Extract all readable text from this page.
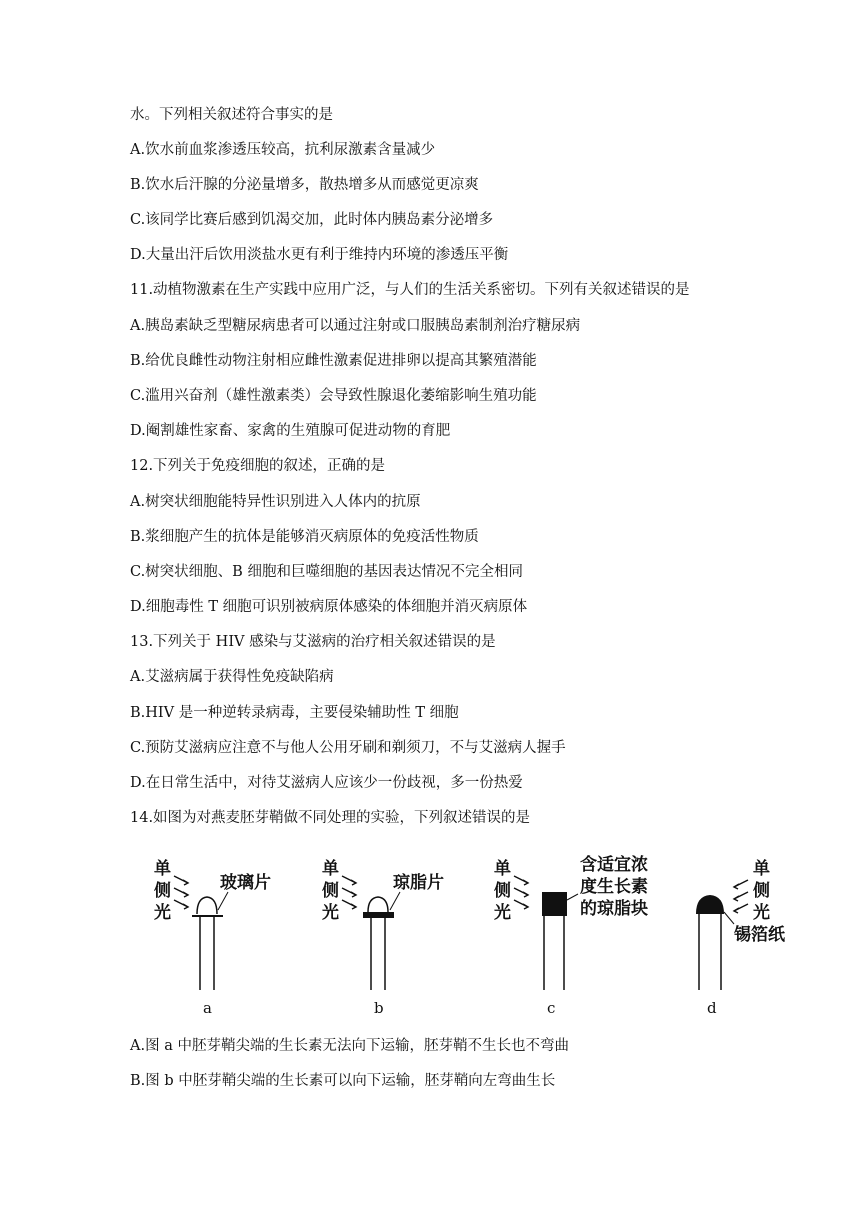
水。下列相关叙述符合事实的是
A.饮水前血浆渗透压较高，抗利尿激素含量减少
B.饮水后汗腺的分泌量增多，散热增多从而感觉更凉爽
C.该同学比赛后感到饥渴交加，此时体内胰岛素分泌增多
D.大量出汗后饮用淡盐水更有利于维持内环境的渗透压平衡
11.动植物激素在生产实践中应用广泛，与人们的生活关系密切。下列有关叙述错误的是
A.胰岛素缺乏型糖尿病患者可以通过注射或口服胰岛素制剂治疗糖尿病
B.给优良雌性动物注射相应雌性激素促进排卵以提高其繁殖潜能
C.滥用兴奋剂（雄性激素类）会导致性腺退化萎缩影响生殖功能
D.阉割雄性家畜、家禽的生殖腺可促进动物的育肥
12.下列关于免疫细胞的叙述，正确的是
A.树突状细胞能特异性识别进入人体内的抗原
B.浆细胞产生的抗体是能够消灭病原体的免疫活性物质
C.树突状细胞、B 细胞和巨噬细胞的基因表达情况不完全相同
D.细胞毒性 T 细胞可识别被病原体感染的体细胞并消灭病原体
13.下列关于 HIV 感染与艾滋病的治疗相关叙述错误的是
A.艾滋病属于获得性免疫缺陷病
B.HIV 是一种逆转录病毒，主要侵染辅助性 T 细胞
C.预防艾滋病应注意不与他人公用牙刷和剃须刀，不与艾滋病人握手
D.在日常生活中，对待艾滋病人应该少一份歧视，多一份热爱
14.如图为对燕麦胚芽鞘做不同处理的实验，下列叙述错误的是
单
侧
光
玻璃片
a
单
侧
光
琼脂片
b
单
侧
光
含适宜浓
度生长素
的琼脂块
c
单
侧
光
锡箔纸
d
A.图 a 中胚芽鞘尖端的生长素无法向下运输，胚芽鞘不生长也不弯曲
B.图 b 中胚芽鞘尖端的生长素可以向下运输，胚芽鞘向左弯曲生长
